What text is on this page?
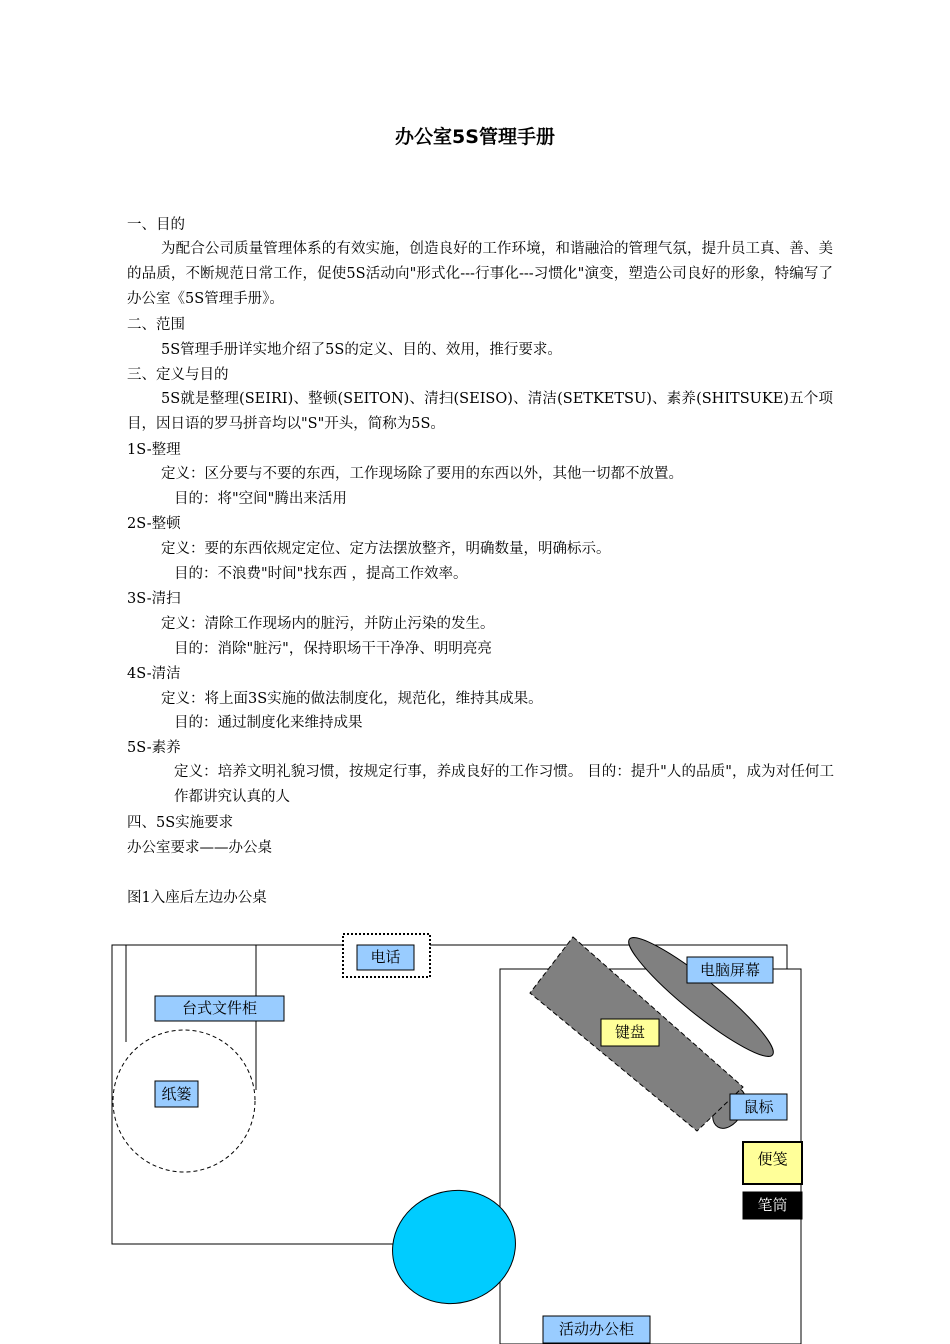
办公室5S管理手册
一、目的
为配合公司质量管理体系的有效实施，创造良好的工作环境，和谐融洽的管理气氛，提升员工真、善、美的品质，不断规范日常工作，促使5S活动向"形式化---行事化---习惯化"演变，塑造公司良好的形象，特编写了办公室《5S管理手册》。
二、范围
5S管理手册详实地介绍了5S的定义、目的、效用，推行要求。
三、定义与目的
5S就是整理(SEIRI)、整顿(SEITON)、清扫(SEISO)、清洁(SETKETSU)、素养(SHITSUKE)五个项目，因日语的罗马拼音均以"S"开头，简称为5S。
1S-整理
定义：区分要与不要的东西，工作现场除了要用的东西以外，其他一切都不放置。
目的：将"空间"腾出来活用
2S-整顿
定义：要的东西依规定定位、定方法摆放整齐，明确数量，明确标示。
目的：不浪费"时间"找东西 ，提高工作效率。
3S-清扫
定义：清除工作现场内的脏污，并防止污染的发生。
目的：消除"脏污"，保持职场干干净净、明明亮亮
4S-清洁
定义：将上面3S实施的做法制度化，规范化，维持其成果。
目的：通过制度化来维持成果
5S-素养
定义：培养文明礼貌习惯，按规定行事，养成良好的工作习惯。 目的：提升"人的品质"，成为对任何工作都讲究认真的人
四、5S实施要求
办公室要求——办公桌
图1入座后左边办公桌
电话
台式文件柜
纸篓
电脑屏幕
键盘
鼠标
便笺
笔筒
活动办公柜
